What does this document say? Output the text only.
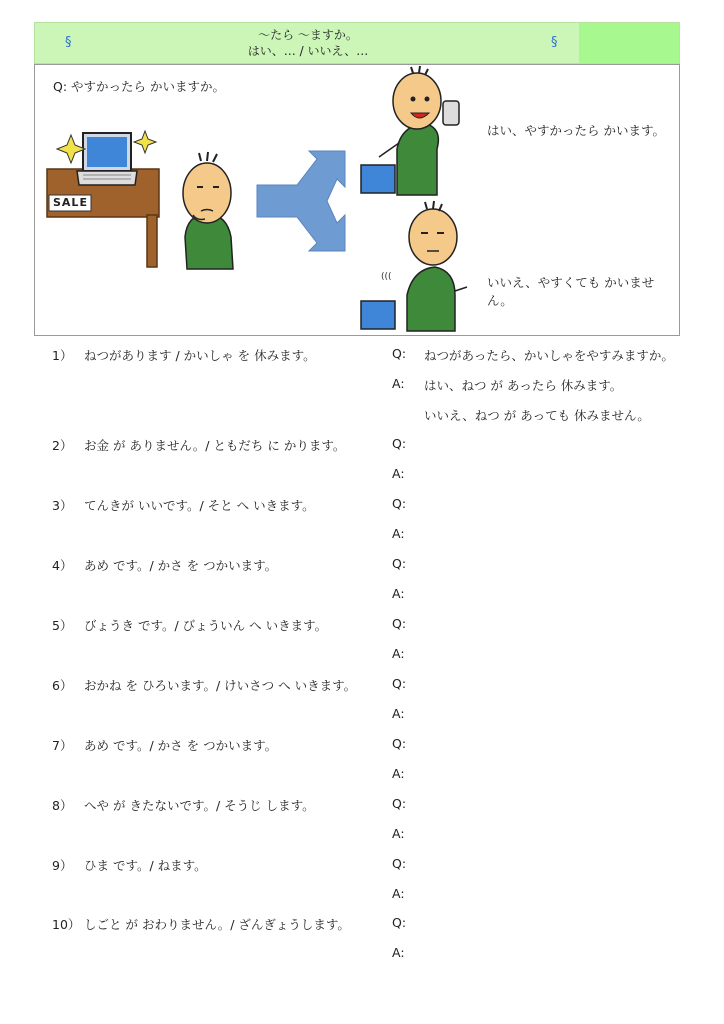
§	～たら ～ますか。
はい、… / いいえ、…
§
Q: やすかったら かいますか。
SALE
(((
はい、やすかったら かいます。
いいえ、やすくても かいません。
1） ねつがあります / かいしゃ を 休みます。	Q: ねつがあったら、かいしゃをやすみますか。
A: はい、ねつ が あったら 休みます。
いいえ、ねつ が あっても 休みません。
2） お金 が ありません。/ ともだち に かります。	Q:
A:
3） てんきが いいです。/ そと へ いきます。	Q:
A:
4） あめ です。/ かさ を つかいます。	Q:
A:
5） びょうき です。/ びょういん へ いきます。	Q:
A:
6） おかね を ひろいます。/ けいさつ へ いきます。	Q:
A:
7） あめ です。/ かさ を つかいます。	Q:
A:
8） へや が きたないです。/ そうじ します。	Q:
A:
9） ひま です。/ ねます。	Q:
A:
10） しごと が おわりません。/ ざんぎょうします。	Q:
A:
